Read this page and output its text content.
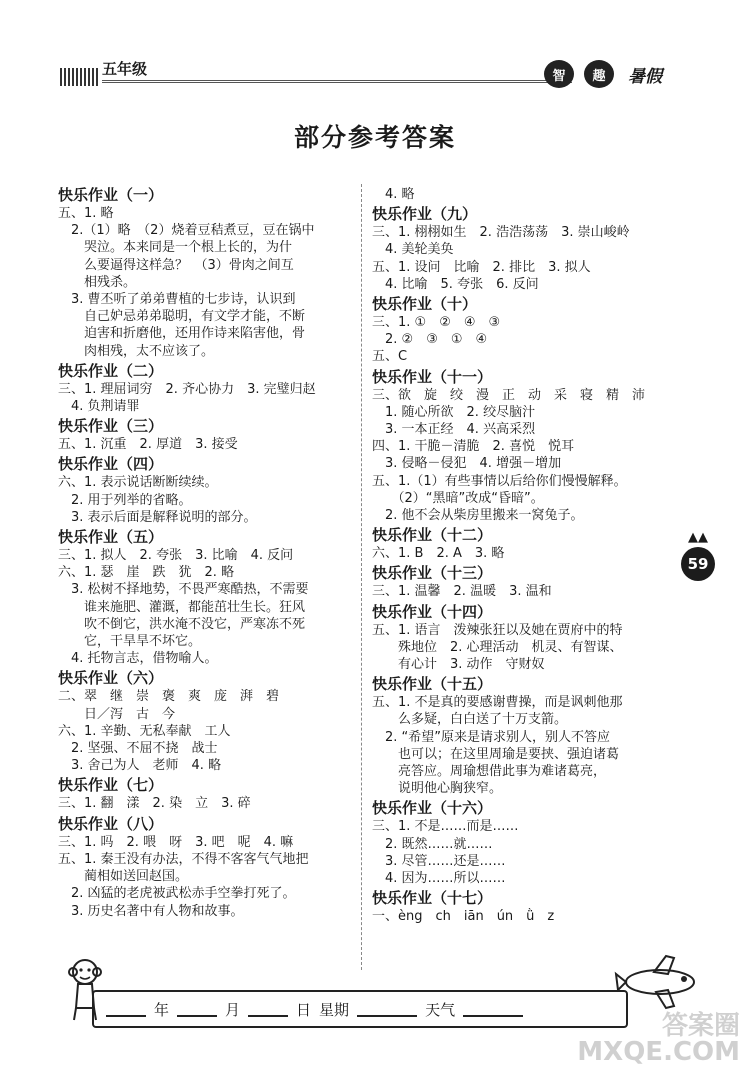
五年级	智	趣	暑假
部分参考答案
快乐作业（一）
五、1. 略
　2.（1）略　（2）烧着豆秸煮豆，豆在锅中
　　哭泣。本来同是一个根上长的，为什
　　么要逼得这样急？　（3）骨肉之间互
　　相残杀。
　3. 曹丕听了弟弟曹植的七步诗，认识到
　　自己妒忌弟弟聪明，有文学才能，不断
　　迫害和折磨他，还用作诗来陷害他，骨
　　肉相残，太不应该了。
快乐作业（二）
三、1. 理屈词穷　2. 齐心协力　3. 完璧归赵
　4. 负荆请罪
快乐作业（三）
五、1. 沉重　2. 厚道　3. 接受
快乐作业（四）
六、1. 表示说话断断续续。
　2. 用于列举的省略。
　3. 表示后面是解释说明的部分。
快乐作业（五）
三、1. 拟人　2. 夸张　3. 比喻　4. 反问
六、1. 瑟　崖　跌　犹　2. 略
　3. 松树不择地势，不畏严寒酷热，不需要
　　谁来施肥、灌溉，都能茁壮生长。狂风
　　吹不倒它，洪水淹不没它，严寒冻不死
　　它，干旱旱不坏它。
　4. 托物言志，借物喻人。
快乐作业（六）
二、翠　继　崇　褒　爽　庞　湃　碧
　　日／泻　古　今
六、1. 辛勤、无私奉献　工人
　2. 坚强、不屈不挠　战士
　3. 舍己为人　老师　4. 略
快乐作业（七）
三、1. 翻　漾　2. 染　立　3. 碎
快乐作业（八）
三、1. 吗　2. 喂　呀　3. 吧　呢　4. 嘛
五、1. 秦王没有办法，不得不客客气气地把
　　蔺相如送回赵国。
　2. 凶猛的老虎被武松赤手空拳打死了。
　3. 历史名著中有人物和故事。
　4. 略
快乐作业（九）
三、1. 栩栩如生　2. 浩浩荡荡　3. 崇山峻岭
　4. 美轮美奂
五、1. 设问　比喻　2. 排比　3. 拟人
　4. 比喻　5. 夸张　6. 反问
快乐作业（十）
三、1. ①　②　④　③
　2. ②　③　①　④
五、C
快乐作业（十一）
三、欲　旋　绞　漫　正　动　采　寝　精　沛
　1. 随心所欲　2. 绞尽脑汁
　3. 一本正经　4. 兴高采烈
四、1. 干脆－清脆　2. 喜悦　悦耳
　3. 侵略－侵犯　4. 增强－增加
五、1.（1）有些事情以后给你们慢慢解释。
　　（2）“黑暗”改成“昏暗”。
　2. 他不会从柴房里搬来一窝兔子。
快乐作业（十二）
六、1. B　2. A　3. 略
快乐作业（十三）
三、1. 温馨　2. 温暖　3. 温和
快乐作业（十四）
五、1. 语言　泼辣张狂以及她在贾府中的特
　　殊地位　2. 心理活动　机灵、有智谋、
　　有心计　3. 动作　守财奴
快乐作业（十五）
五、1. 不是真的要感谢曹操，而是讽刺他那
　　么多疑，白白送了十万支箭。
　2. “希望”原来是请求别人，别人不答应
　　也可以；在这里周瑜是要挟、强迫诸葛
　　亮答应。周瑜想借此事为难诸葛亮，
　　说明他心胸狭窄。
快乐作业（十六）
三、1. 不是……而是……
　2. 既然……就……
　3. 尽管……还是……
　4. 因为……所以……
快乐作业（十七）
一、èng　ch　iān　ún　ǜ　z
▲▲
59
年	月	日 星期	天气
答案圈
MXQE.COM
